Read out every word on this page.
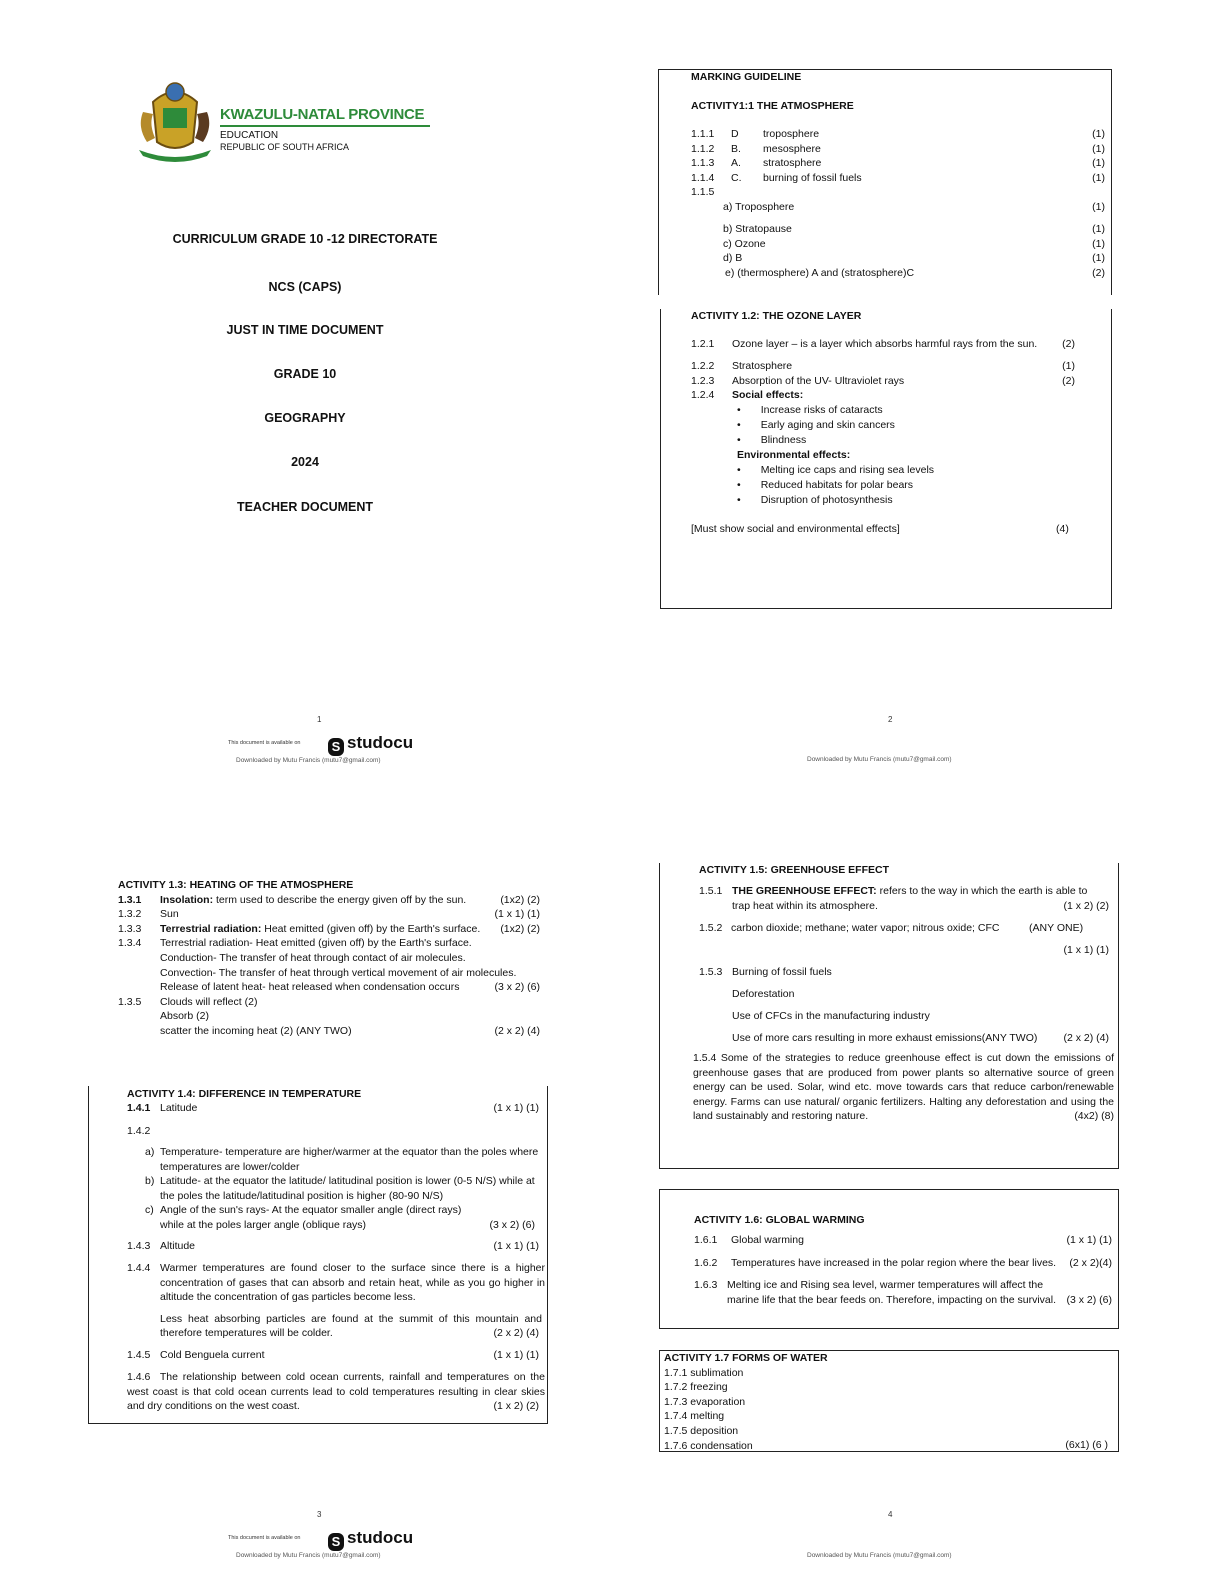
KWAZULU-NATAL PROVINCE
EDUCATION
REPUBLIC OF SOUTH AFRICA
CURRICULUM GRADE 10 -12 DIRECTORATE
NCS (CAPS)
JUST IN TIME DOCUMENT
GRADE 10
GEOGRAPHY
2024
TEACHER DOCUMENT
1
This document is available on S studocu
Downloaded by Mutu Francis (mutu7@gmail.com)
MARKING GUIDELINE
ACTIVITY1:1 THE ATMOSPHERE
1.1.1 D troposphere	(1)
1.1.2 B. mesosphere	(1)
1.1.3 A. stratosphere	(1)
1.1.4 C. burning of fossil fuels	(1)
1.1.5
a) Troposphere	(1)
b) Stratopause	(1)
c) Ozone	(1)
d) B	(1)
e) (thermosphere) A and (stratosphere)C	(2)
ACTIVITY 1.2: THE OZONE LAYER
1.2.1 Ozone layer – is a layer which absorbs harmful rays from the sun. (2)
1.2.2 Stratosphere	(1)
1.2.3 Absorption of the UV- Ultraviolet rays	(2)
1.2.4 Social effects:
• Increase risks of cataracts
• Early aging and skin cancers
• Blindness
Environmental effects:
• Melting ice caps and rising sea levels
• Reduced habitats for polar bears
• Disruption of photosynthesis
[Must show social and environmental effects]	(4)
2
Downloaded by Mutu Francis (mutu7@gmail.com)
ACTIVITY 1.3: HEATING OF THE ATMOSPHERE
1.3.1 Insolation: term used to describe the energy given off by the sun.	(1x2) (2)
1.3.2 Sun	(1 x 1) (1)
1.3.3 Terrestrial radiation: Heat emitted (given off) by the Earth's surface. (1x2) (2)
1.3.4 Terrestrial radiation- Heat emitted (given off) by the Earth's surface.
Conduction- The transfer of heat through contact of air molecules.
Convection- The transfer of heat through vertical movement of air molecules.
Release of latent heat- heat released when condensation occurs	(3 x 2) (6)
1.3.5 Clouds will reflect (2)
Absorb (2)
scatter the incoming heat (2) (ANY TWO)	(2 x 2) (4)
ACTIVITY 1.4: DIFFERENCE IN TEMPERATURE
1.4.1 Latitude	(1 x 1) (1)
1.4.2
a) Temperature- temperature are higher/warmer at the equator than the poles where temperatures are lower/colder
b) Latitude- at the equator the latitude/ latitudinal position is lower (0-5 N/S) while at the poles the latitude/latitudinal position is higher (80-90 N/S)
c) Angle of the sun's rays- At the equator smaller angle (direct rays) while at the poles larger angle (oblique rays)	(3 x 2) (6)
1.4.3 Altitude	(1 x 1) (1)
1.4.4 Warmer temperatures are found closer to the surface since there is a higher concentration of gases that can absorb and retain heat, while as you go higher in altitude the concentration of gas particles become less.
Less heat absorbing particles are found at the summit of this mountain and therefore temperatures will be colder.	(2 x 2) (4)
1.4.5 Cold Benguela current	(1 x 1) (1)
1.4.6 The relationship between cold ocean currents, rainfall and temperatures on the west coast is that cold ocean currents lead to cold temperatures resulting in clear skies and dry conditions on the west coast.	(1 x 2) (2)
3
This document is available on S studocu
Downloaded by Mutu Francis (mutu7@gmail.com)
ACTIVITY 1.5: GREENHOUSE EFFECT
1.5.1 THE GREENHOUSE EFFECT: refers to the way in which the earth is able to trap heat within its atmosphere.	(1 x 2) (2)
1.5.2 carbon dioxide; methane; water vapor; nitrous oxide; CFC	(ANY ONE)
(1 x 1) (1)
1.5.3 Burning of fossil fuels
Deforestation
Use of CFCs in the manufacturing industry
Use of more cars resulting in more exhaust emissions(ANY TWO) (2 x 2) (4)
1.5.4 Some of the strategies to reduce greenhouse effect is cut down the emissions of greenhouse gases that are produced from power plants so alternative source of green energy can be used. Solar, wind etc. move towards cars that reduce carbon/renewable energy. Farms can use natural/ organic fertilizers. Halting any deforestation and using the land sustainably and restoring nature.	(4x2) (8)
ACTIVITY 1.6: GLOBAL WARMING
1.6.1 Global warming	(1 x 1) (1)
1.6.2 Temperatures have increased in the polar region where the bear lives. (2 x 2)(4)
1.6.3 Melting ice and Rising sea level, warmer temperatures will affect the marine life that the bear feeds on. Therefore, impacting on the survival. (3 x 2) (6)
ACTIVITY 1.7 FORMS OF WATER
1.7.1 sublimation
1.7.2 freezing
1.7.3 evaporation
1.7.4 melting
1.7.5 deposition
1.7.6 condensation	(6x1) (6 )
4
Downloaded by Mutu Francis (mutu7@gmail.com)
